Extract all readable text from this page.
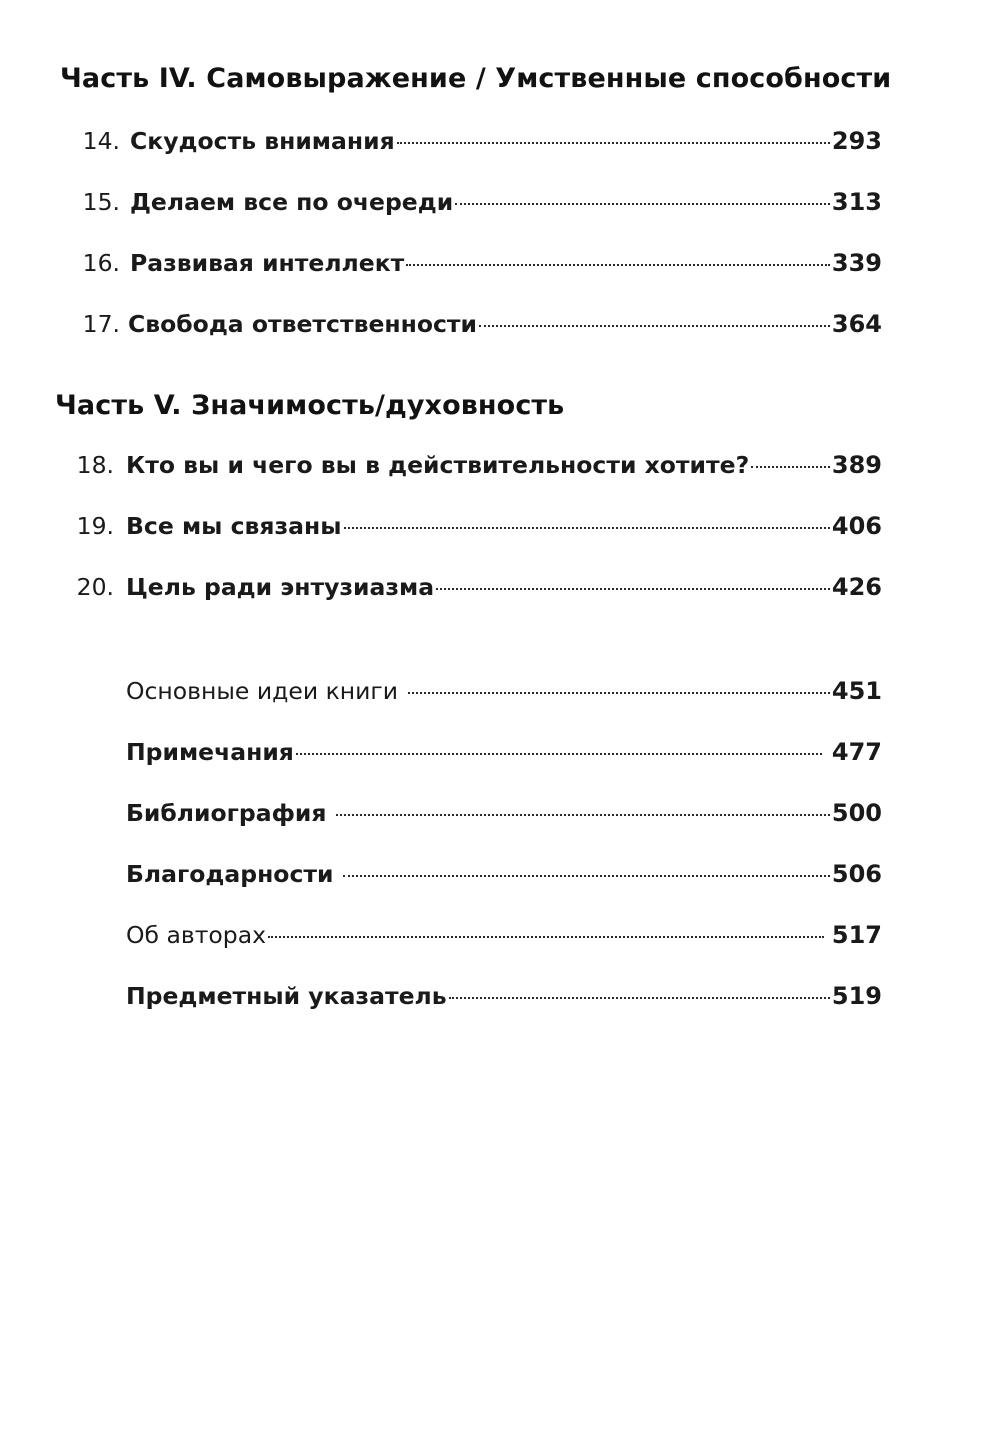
Часть IV. Самовыражение / Умственные способности
14. Скудость внимания	293
15. Делаем все по очереди	313
16. Развивая интеллект	339
17. Свобода ответственности	364
Часть V. Значимость/духовность
18. Кто вы и чего вы в действительности хотите?	389
19. Все мы связаны	406
20. Цель ради энтузиазма	426
Основные идеи книги	451
Примечания	477
Библиография	500
Благодарности	506
Об авторах	517
Предметный указатель	519
